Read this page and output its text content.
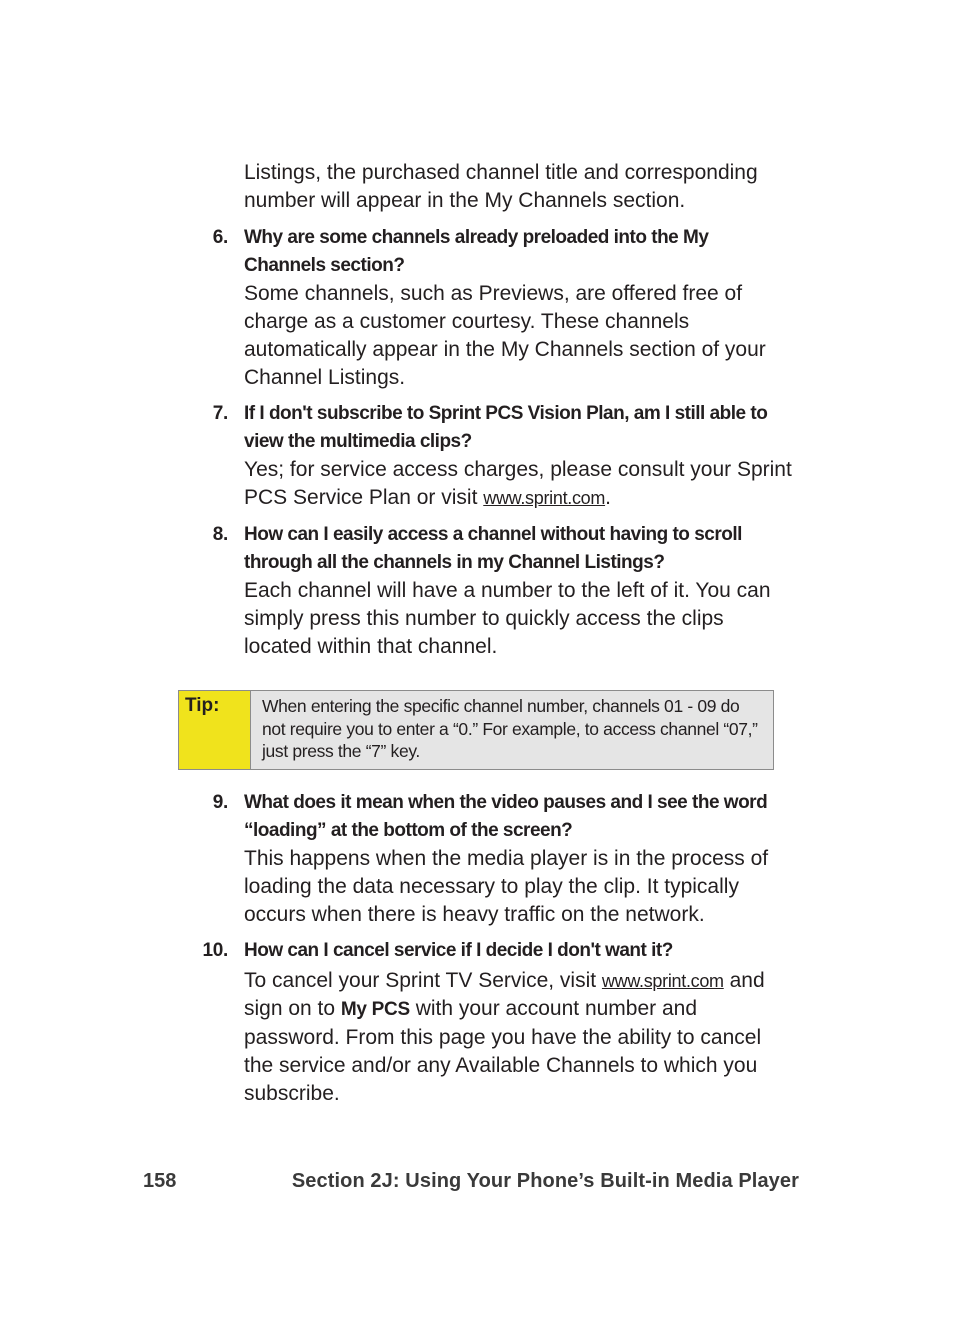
Listings, the purchased channel title and corresponding number will appear in the My Channels section.
6. Why are some channels already preloaded into the My Channels section?
Some channels, such as Previews, are offered free of charge as a customer courtesy. These channels automatically appear in the My Channels section of your Channel Listings.
7. If I don't subscribe to Sprint PCS Vision Plan, am I still able to view the multimedia clips?
Yes; for service access charges, please consult your Sprint PCS Service Plan or visit www.sprint.com.
8. How can I easily access a channel without having to scroll through all the channels in my Channel Listings?
Each channel will have a number to the left of it. You can simply press this number to quickly access the clips located within that channel.
Tip:	When entering the specific channel number, channels 01 - 09 do not require you to enter a “0.” For example, to access channel “07,” just press the “7” key.
9. What does it mean when the video pauses and I see the word “loading” at the bottom of the screen?
This happens when the media player is in the process of loading the data necessary to play the clip. It typically occurs when there is heavy traffic on the network.
10. How can I cancel service if I decide I don't want it?
To cancel your Sprint TV Service, visit www.sprint.com and sign on to My PCS with your account number and password. From this page you have the ability to cancel the service and/or any Available Channels to which you subscribe.
158	Section 2J: Using Your Phone’s Built-in Media Player
